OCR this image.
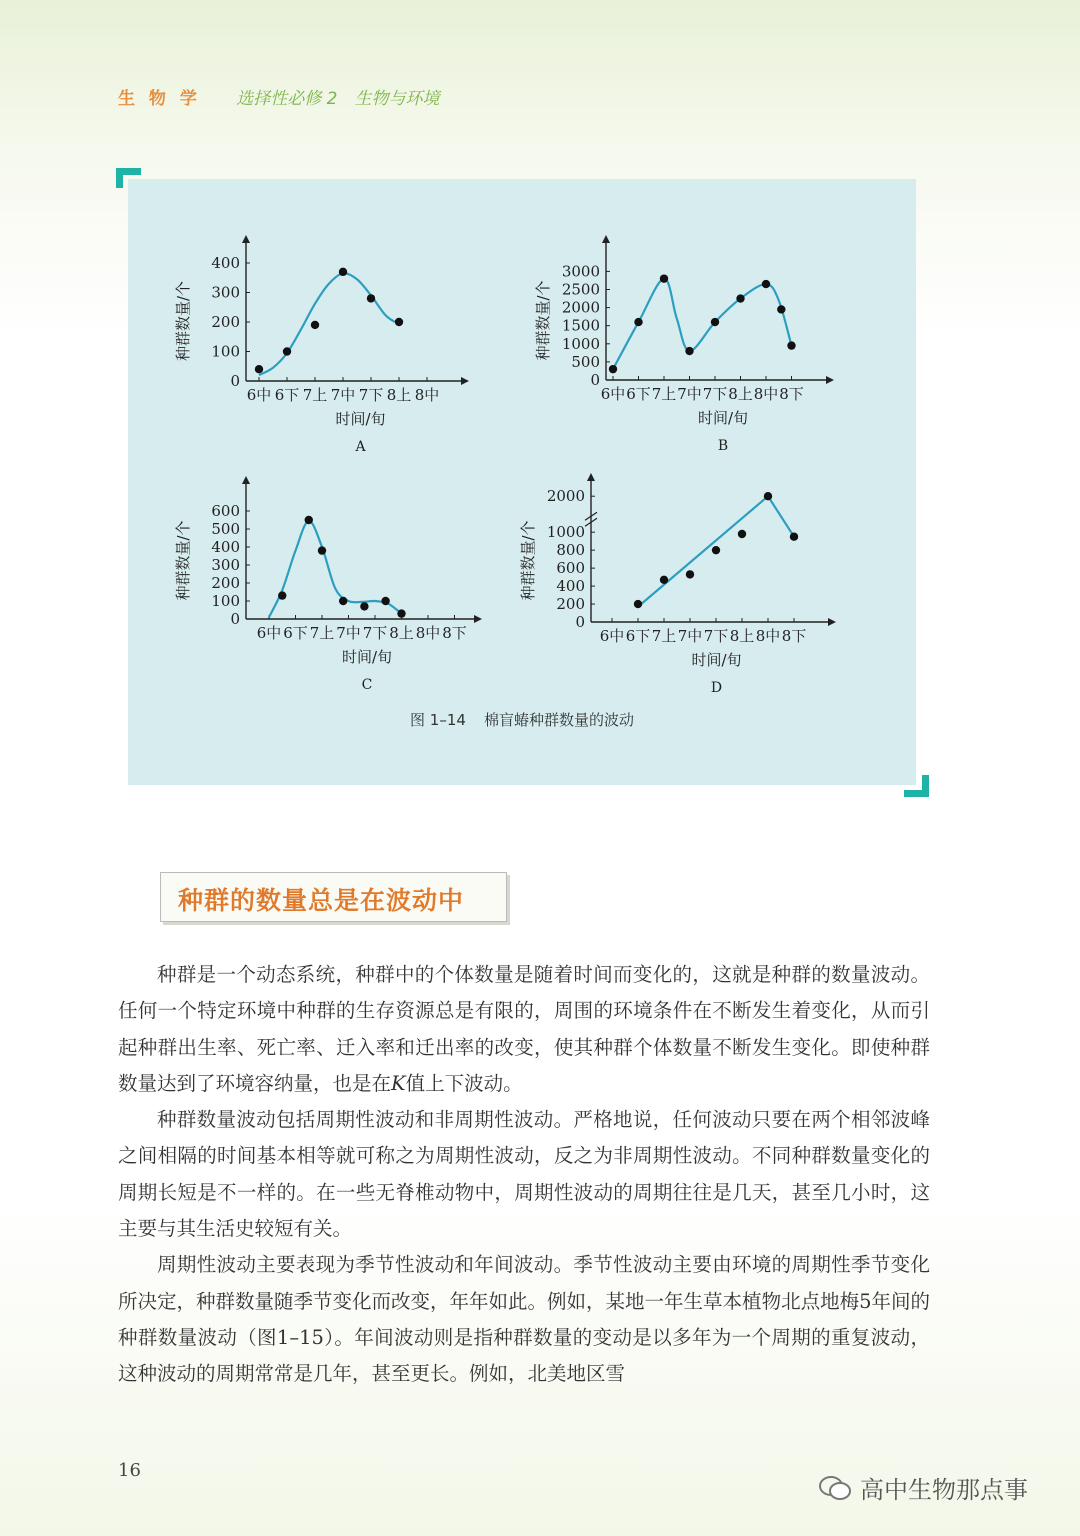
生 物 学 选择性必修 2　生物与环境
6中 6下 7上 7中 7下 8上 8中
0
100
200
300
400
种群数量/个
时间/旬
A
6中 6下 7上 7中 7下 8上 8中 8下
0
500
1000
1500
2000
2500
3000
种群数量/个
时间/旬
B
6中 6下 7上 7中 7下 8上 8中 8下
0
100
200
300
400
500
600
种群数量/个
时间/旬
C
6中 6下 7上 7中 7下 8上 8中 8下
0
200
400
600
800
1000
2000
种群数量/个
时间/旬
D
图 1–14 棉盲蝽种群数量的波动
种群的数量总是在波动中

种群是一个动态系统，种群中的个体数量是随着时间而变化的，这就是种群的数量波动。任何一个特定环境中种群的生存资源总是有限的，周围的环境条件在不断发生着变化，从而引起种群出生率、死亡率、迁入率和迁出率的改变，使其种群个体数量不断发生变化。即使种群数量达到了环境容纳量，也是在K值上下波动。

种群数量波动包括周期性波动和非周期性波动。严格地说，任何波动只要在两个相邻波峰之间相隔的时间基本相等就可称之为周期性波动，反之为非周期性波动。不同种群数量变化的周期长短是不一样的。在一些无脊椎动物中，周期性波动的周期往往是几天，甚至几小时，这主要与其生活史较短有关。

周期性波动主要表现为季节性波动和年间波动。季节性波动主要由环境的周期性季节变化所决定，种群数量随季节变化而改变，年年如此。例如，某地一年生草本植物北点地梅5年间的种群数量波动（图1–15）。年间波动则是指种群数量的变动是以多年为一个周期的重复波动，这种波动的周期常常是几年，甚至更长。例如，北美地区雪

16
高中生物那点事
